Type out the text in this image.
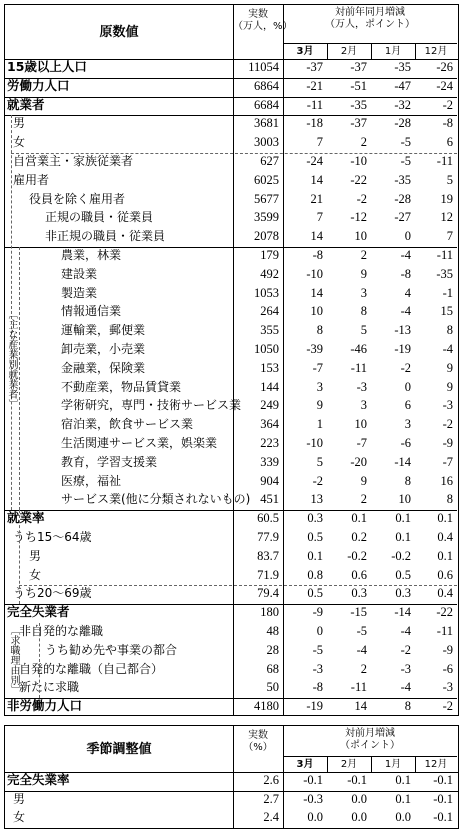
原数値
実数
（万人，%）
対前年同月増減
（万人，ポイント）
3月	2月	1月	12月
15歳以上人口	11054	-37	-37	-35	-26
労働力人口	6864	-21	-51	-47	-24
就業者	6684	-11	-35	-32	-2
男	3681	-18	-37	-28	-8
女	3003	7	2	-5	6
自営業主・家族従業者	627	-24	-10	-5	-11
雇用者	6025	14	-22	-35	5
役員を除く雇用者	5677	21	-2	-28	19
正規の職員・従業員	3599	7	-12	-27	12
非正規の職員・従業員	2078	14	10	0	7
農業，林業	179	-8	2	-4	-11
建設業	492	-10	9	-8	-35
製造業	1053	14	3	4	-1
情報通信業	264	10	8	-4	15
運輸業，郵便業	355	8	5	-13	8
卸売業，小売業	1050	-39	-46	-19	-4
金融業，保険業	153	-7	-11	-2	9
不動産業，物品賃貸業	144	3	-3	0	9
学術研究，専門・技術サービス業	249	9	3	6	-3
宿泊業，飲食サービス業	364	1	10	3	-2
生活関連サービス業，娯楽業	223	-10	-7	-6	-9
教育，学習支援業	339	5	-20	-14	-7
医療，福祉	904	-2	9	8	16
サービス業(他に分類されないもの) 451	13	2	10	8
就業率	60.5	0.3	0.1	0.1	0.1
うち15～64歳	77.9	0.5	0.2	0.1	0.4
男	83.7	0.1	-0.2	-0.2	0.1
女	71.9	0.8	0.6	0.5	0.6
うち20～69歳	79.4	0.5	0.3	0.3	0.4
完全失業者	180	-9	-15	-14	-22
非自発的な離職	48	0	-5	-4	-11
うち勧め先や事業の都合	28	-5	-4	-2	-9
自発的な離職（自己都合）	68	-3	2	-3	-6
新たに求職	50	-8	-11	-4	-3
非労働力人口	4180	-19	14	8	-2
〔主な産業別就業者〕
〔求職理由別〕
季節調整値
実数
（%）
対前月増減
（ポイント）
3月	2月	1月	12月
完全失業率	2.6	-0.1	-0.1	0.1	-0.1
男	2.7	-0.3	0.0	0.1	-0.1
女	2.4	0.0	0.0	0.0	-0.1
